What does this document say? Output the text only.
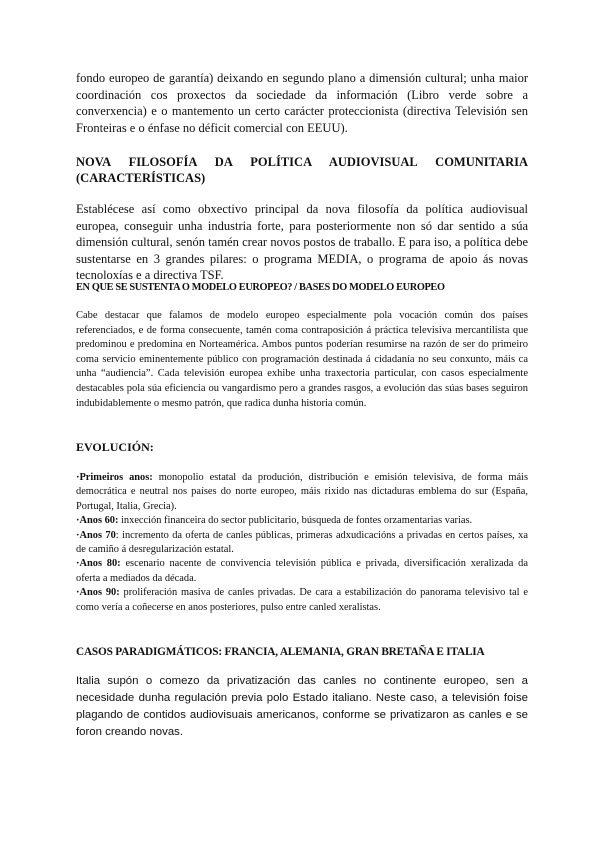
fondo europeo de garantía) deixando en segundo plano a dimensión cultural; unha maior coordinación cos proxectos da sociedade da información (Libro verde sobre a converxencia) e o mantemento un certo carácter proteccionista (directiva Televisión sen Fronteiras e o énfase no déficit comercial con EEUU).

NOVA FILOSOFÍA DA POLÍTICA AUDIOVISUAL COMUNITARIA
(CARACTERÍSTICAS)

Establécese así como obxectivo principal da nova filosofía da política audiovisual europea, conseguir unha industria forte, para posteriormente non só dar sentido a súa dimensión cultural, senón tamén crear novos postos de traballo. E para iso, a política debe sustentarse en 3 grandes pilares: o programa MEDIA, o programa de apoio ás novas tecnoloxías e a directiva TSF.

EN QUE SE SUSTENTA O MODELO EUROPEO? / BASES DO MODELO EUROPEO

Cabe destacar que falamos de modelo europeo especialmente pola vocación común dos países referenciados, e de forma consecuente, tamén coma contraposición á práctica televisiva mercantilista que predominou e predomina en Norteamérica. Ambos puntos poderían resumirse na razón de ser do primeiro coma servicio eminentemente público con programación destinada á cidadanía no seu conxunto, máis ca unha “audiencia”. Cada televisión europea exhibe unha traxectoria particular, con casos especialmente destacables pola súa eficiencia ou vangardismo pero a grandes rasgos, a evolución das súas bases seguiron indubidablemente o mesmo patrón, que radica dunha historia común.

EVOLUCIÓN:

·Primeiros anos: monopolio estatal da produción, distribución e emisión televisiva, de forma máis democrática e neutral nos países do norte europeo, máis rixido nas dictaduras emblema do sur (España, Portugal, Italia, Grecia).

·Anos 60: inxección financeira do sector publicitario, búsqueda de fontes orzamentarias varias.

·Anos 70: incremento da oferta de canles públicas, primeras adxudicacións a privadas en certos países, xa de camiño á desregularización estatal.

·Anos 80: escenario nacente de convivencia televisión pública e privada, diversificación xeralizada da oferta a mediados da década.

·Anos 90: proliferación masiva de canles privadas. De cara a estabilización do panorama televisivo tal e como vería a coñecerse en anos posteriores, pulso entre canled xeralistas.

CASOS PARADIGMÁTICOS: FRANCIA, ALEMANIA, GRAN BRETAÑA E ITALIA

Italia supón o comezo da privatización das canles no continente europeo, sen a necesidade dunha regulación previa polo Estado italiano. Neste caso, a televisión foise plagando de contidos audiovisuais americanos, conforme se privatizaron as canles e se foron creando novas.
